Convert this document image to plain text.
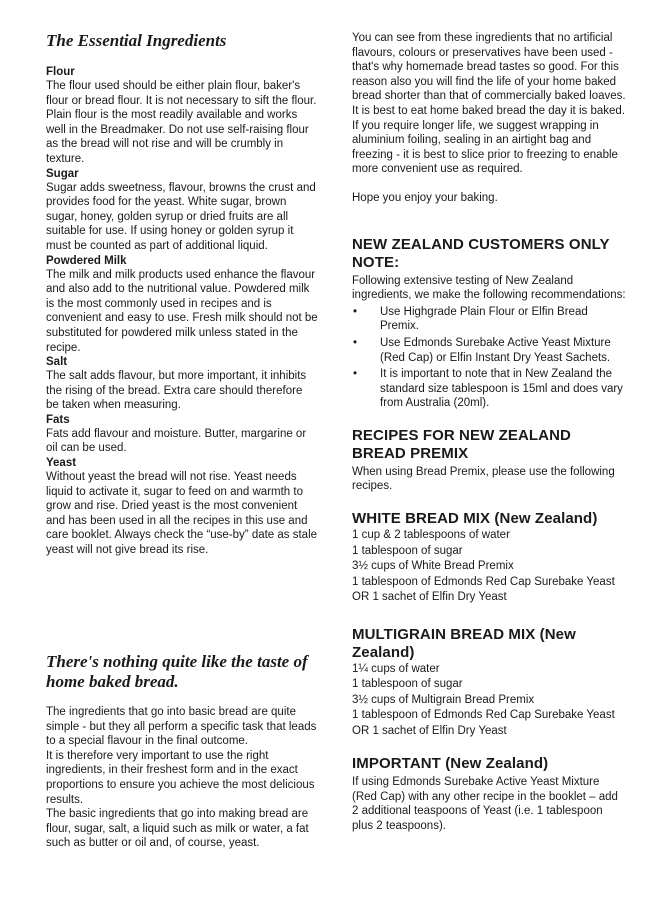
The Essential Ingredients
Flour

The flour used should be either plain flour, baker's flour or bread flour. It is not necessary to sift the flour. Plain flour is the most readily available and works well in the Breadmaker. Do not use self-raising flour as the bread will not rise and will be crumbly in texture.

Sugar

Sugar adds sweetness, flavour, browns the crust and provides food for the yeast. White sugar, brown sugar, honey, golden syrup or dried fruits are all suitable for use. If using honey or golden syrup it must be counted as part of additional liquid.

Powdered Milk

The milk and milk products used enhance the flavour and also add to the nutritional value. Powdered milk is the most commonly used in recipes and is convenient and easy to use. Fresh milk should not be substituted for powdered milk unless stated in the recipe.

Salt

The salt adds flavour, but more important, it inhibits the rising of the bread. Extra care should therefore be taken when measuring.

Fats

Fats add flavour and moisture. Butter, margarine or oil can be used.

Yeast

Without yeast the bread will not rise. Yeast needs liquid to activate it, sugar to feed on and warmth to grow and rise. Dried yeast is the most convenient and has been used in all the recipes in this use and care booklet. Always check the “use-by” date as stale yeast will not give bread its rise.

There's nothing quite like the taste of home baked bread.

The ingredients that go into basic bread are quite simple - but they all perform a specific task that leads to a special flavour in the final outcome.

It is therefore very important to use the right ingredients, in their freshest form and in the exact proportions to ensure you achieve the most delicious results.

The basic ingredients that go into making bread are flour, sugar, salt, a liquid such as milk or water, a fat such as butter or oil and, of course, yeast.

You can see from these ingredients that no artificial flavours, colours or preservatives have been used - that's why homemade bread tastes so good. For this reason also you will find the life of your home baked bread shorter than that of commercially baked loaves. It is best to eat home baked bread the day it is baked. If you require longer life, we suggest wrapping in aluminium foiling, sealing in an airtight bag and freezing - it is best to slice prior to freezing to enable more convenient use as required.

Hope you enjoy your baking.

NEW ZEALAND CUSTOMERS ONLY NOTE:

Following extensive testing of New Zealand ingredients, we make the following recommendations:

• Use Highgrade Plain Flour or Elfin Bread Premix.
• Use Edmonds Surebake Active Yeast Mixture (Red Cap) or Elfin Instant Dry Yeast Sachets.
• It is important to note that in New Zealand the standard size tablespoon is 15ml and does vary from Australia (20ml).
RECIPES FOR NEW ZEALAND BREAD PREMIX

When using Bread Premix, please use the following recipes.

WHITE BREAD MIX (New Zealand)

1 cup & 2 tablespoons of water

1 tablespoon of sugar

3½ cups of White Bread Premix

1 tablespoon of Edmonds Red Cap Surebake Yeast OR 1 sachet of Elfin Dry Yeast

MULTIGRAIN BREAD MIX (New Zealand)

1¼ cups of water

1 tablespoon of sugar

3½ cups of Multigrain Bread Premix

1 tablespoon of Edmonds Red Cap Surebake Yeast OR 1 sachet of Elfin Dry Yeast

IMPORTANT (New Zealand)

If using Edmonds Surebake Active Yeast Mixture (Red Cap) with any other recipe in the booklet – add 2 additional teaspoons of Yeast (i.e. 1 tablespoon plus 2 teaspoons).
